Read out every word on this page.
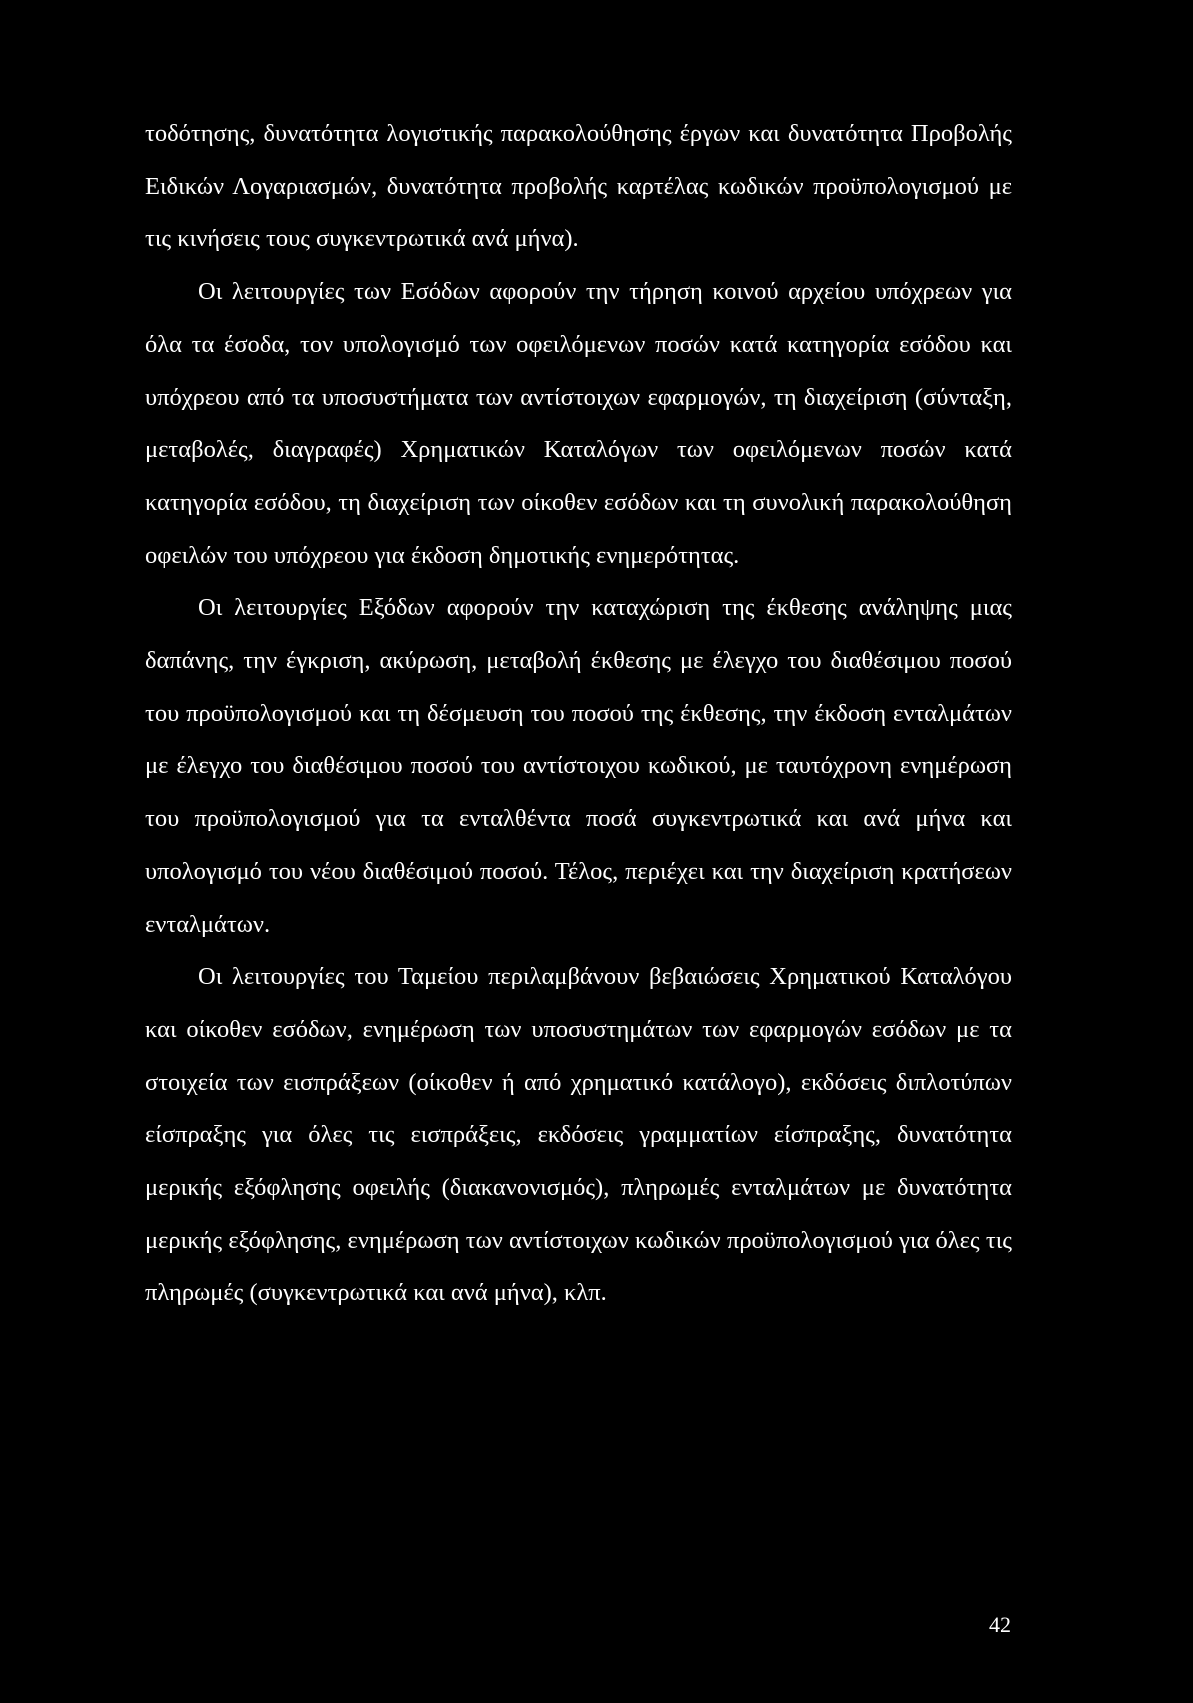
τοδότησης, δυνατότητα λογιστικής παρακολούθησης έργων και δυνατότητα Προβολής Ειδικών Λογαριασμών, δυνατότητα προβολής καρτέλας κωδικών προϋπολογισμού με τις κινήσεις τους συγκεντρωτικά ανά μήνα).

Οι λειτουργίες των Εσόδων αφορούν την τήρηση κοινού αρχείου υπόχρεων για όλα τα έσοδα, τον υπολογισμό των οφειλόμενων ποσών κατά κατηγορία εσόδου και υπόχρεου από τα υποσυστήματα των αντίστοιχων εφαρμογών, τη διαχείριση (σύνταξη, μεταβολές, διαγραφές) Χρηματικών Καταλόγων των οφειλόμενων ποσών κατά κατηγορία εσόδου, τη διαχείριση των οίκοθεν εσόδων και τη συνολική παρακολούθηση οφειλών του υπόχρεου για έκδοση δημοτικής ενημερότητας.

Οι λειτουργίες Εξόδων αφορούν την καταχώριση της έκθεσης ανάληψης μιας δαπάνης, την έγκριση, ακύρωση, μεταβολή έκθεσης με έλεγχο του διαθέσιμου ποσού του προϋπολογισμού και τη δέσμευση του ποσού της έκθεσης, την έκδοση ενταλμάτων με έλεγχο του διαθέσιμου ποσού του αντίστοιχου κωδικού, με ταυτόχρονη ενημέρωση του προϋπολογισμού για τα ενταλθέντα ποσά συγκεντρωτικά και ανά μήνα και υπολογισμό του νέου διαθέσιμού ποσού. Τέλος, περιέχει και την διαχείριση κρατήσεων ενταλμάτων.

Οι λειτουργίες του Ταμείου περιλαμβάνουν βεβαιώσεις Χρηματικού Καταλόγου και οίκοθεν εσόδων, ενημέρωση των υποσυστημάτων των εφαρμογών εσόδων με τα στοιχεία των εισπράξεων (οίκοθεν ή από χρηματικό κατάλογο), εκδόσεις διπλοτύπων είσπραξης για όλες τις εισπράξεις, εκδόσεις γραμματίων είσπραξης, δυνατότητα μερικής εξόφλησης οφειλής (διακανονισμός), πληρωμές ενταλμάτων με δυνατότητα μερικής εξόφλησης, ενημέρωση των αντίστοιχων κωδικών προϋπολογισμού για όλες τις πληρωμές (συγκεντρωτικά και ανά μήνα), κλπ.

42
